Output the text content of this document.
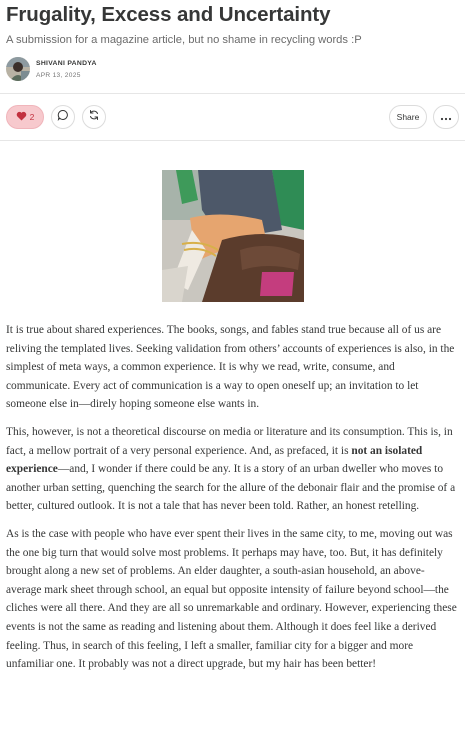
Frugality, Excess and Uncertainty
A submission for a magazine article, but no shame in recycling words :P
SHIVANI PANDYA
APR 13, 2025
2	Share

It is true about shared experiences. The books, songs, and fables stand true because all of us are reliving the templated lives. Seeking validation from others’ accounts of experiences is also, in the simplest of meta ways, a common experience. It is why we read, write, consume, and communicate. Every act of communication is a way to open oneself up; an invitation to let someone else in—direly hoping someone else wants in.

This, however, is not a theoretical discourse on media or literature and its consumption. This is, in fact, a mellow portrait of a very personal experience. And, as prefaced, it is not an isolated experience—and, I wonder if there could be any. It is a story of an urban dweller who moves to another urban setting, quenching the search for the allure of the debonair flair and the promise of a better, cultured outlook. It is not a tale that has never been told. Rather, an honest retelling.

As is the case with people who have ever spent their lives in the same city, to me, moving out was the one big turn that would solve most problems. It perhaps may have, too. But, it has definitely brought along a new set of problems. An elder daughter, a south-asian household, an above-average mark sheet through school, an equal but opposite intensity of failure beyond school—the cliches were all there. And they are all so unremarkable and ordinary. However, experiencing these events is not the same as reading and listening about them. Although it does feel like a derived feeling. Thus, in search of this feeling, I left a smaller, familiar city for a bigger and more unfamiliar one. It probably was not a direct upgrade, but my hair has been better!
